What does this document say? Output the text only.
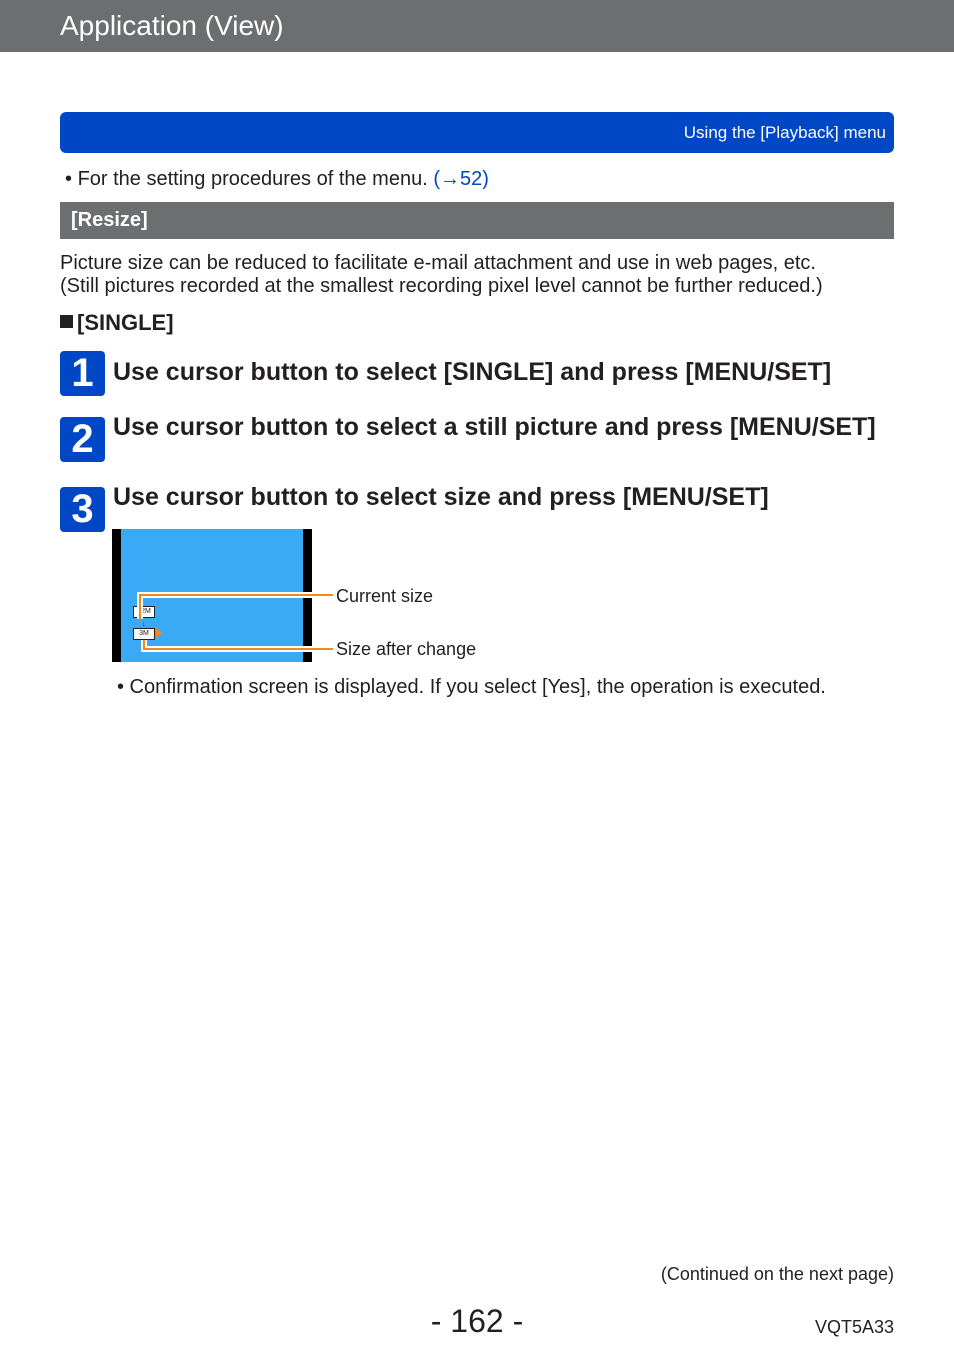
Application (View)
Using the [Playback] menu
• For the setting procedures of the menu. (→52)
[Resize]
Picture size can be reduced to facilitate e-mail attachment and use in web pages, etc.
(Still pictures recorded at the smallest recording pixel level cannot be further reduced.)
[SINGLE]
1 Use cursor button to select [SINGLE] and press [MENU/SET]
2 Use cursor button to select a still picture and press [MENU/SET]
3 Use cursor button to select size and press [MENU/SET]
12M
↓
3M
Current size
Size after change
• Confirmation screen is displayed. If you select [Yes], the operation is executed.
(Continued on the next page)
- 162 -	VQT5A33
